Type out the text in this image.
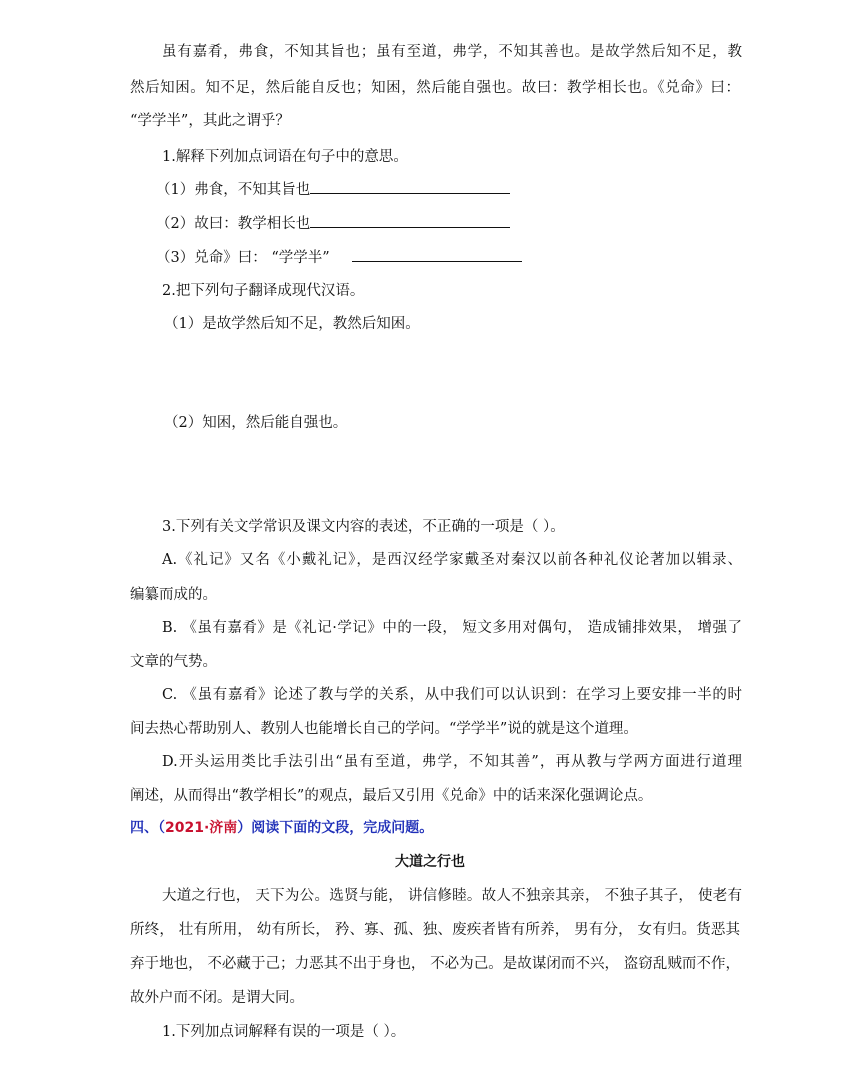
虽有嘉肴，弗食，不知其旨也；虽有至道，弗学，不知其善也。是故学然后知不足，教
然后知困。知不足，然后能自反也；知困，然后能自强也。故曰：教学相长也。《兑命》曰：
“学学半”，其此之谓乎？
1.解释下列加点词语在句子中的意思。
（1）弗食，不知其旨也
（2）故曰：教学相长也
（3）兑命》曰： “学学半”
2.把下列句子翻译成现代汉语。
（1）是故学然后知不足，教然后知困。
（2）知困，然后能自强也。
3.下列有关文学常识及课文内容的表述，不正确的一项是（ ）。
A.《礼记》又名《小戴礼记》，是西汉经学家戴圣对秦汉以前各种礼仪论著加以辑录、
编纂而成的。
B. 《虽有嘉肴》是《礼记·学记》中的一段， 短文多用对偶句， 造成铺排效果， 增强了
文章的气势。
C. 《虽有嘉肴》论述了教与学的关系，从中我们可以认识到：在学习上要安排一半的时
间去热心帮助别人、教别人也能增长自己的学问。“学学半”说的就是这个道理。
D.开头运用类比手法引出“虽有至道，弗学，不知其善”，再从教与学两方面进行道理
阐述，从而得出“教学相长”的观点，最后又引用《兑命》中的话来深化强调论点。
四、（2021·济南）阅读下面的文段，完成问题。
大道之行也
大道之行也， 天下为公。选贤与能， 讲信修睦。故人不独亲其亲， 不独子其子， 使老有
所终， 壮有所用， 幼有所长， 矜、寡、孤、独、废疾者皆有所养， 男有分， 女有归。货恶其
弃于地也， 不必藏于己；力恶其不出于身也， 不必为己。是故谋闭而不兴， 盗窃乱贼而不作，
故外户而不闭。是谓大同。
1.下列加点词解释有误的一项是（ ）。
